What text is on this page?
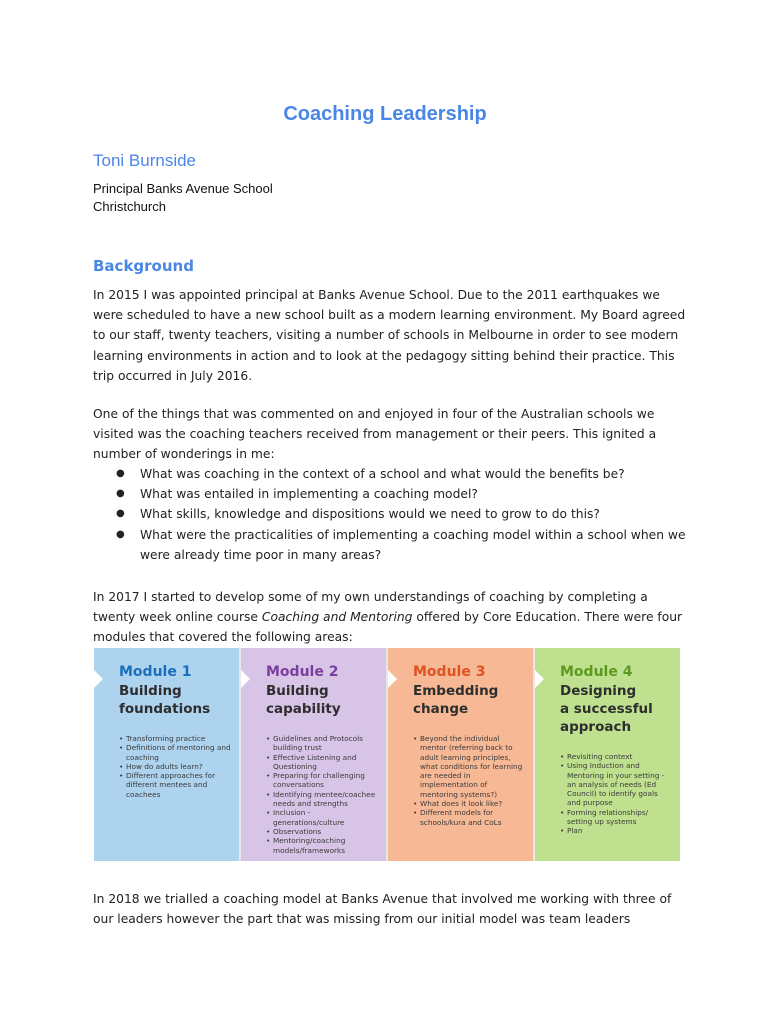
Coaching Leadership
Toni Burnside
Principal Banks Avenue School
Christchurch
Background

In 2015 I was appointed principal at Banks Avenue School. Due to the 2011 earthquakes we were scheduled to have a new school built as a modern learning environment. My Board agreed to our staff, twenty teachers, visiting a number of schools in Melbourne in order to see modern learning environments in action and to look at the pedagogy sitting behind their practice. This trip occurred in July 2016.

One of the things that was commented on and enjoyed in four of the Australian schools we visited was the coaching teachers received from management or their peers. This ignited a number of wonderings in me:

● What was coaching in the context of a school and what would the benefits be?
● What was entailed in implementing a coaching model?
● What skills, knowledge and dispositions would we need to grow to do this?
● What were the practicalities of implementing a coaching model within a school when we were already time poor in many areas?

In 2017 I started to develop some of my own understandings of coaching by completing a twenty week online course Coaching and Mentoring offered by Core Education. There were four modules that covered the following areas:

Module 1
Building
foundations
• Transforming practice
• Definitions of mentoring and coaching
• How do adults learn?
• Different approaches for different mentees and coachees
Module 2
Building
capability
• Guidelines and Protocols building trust
• Effective Listening and Questioning
• Preparing for challenging conversations
• Identifying mentee/coachee needs and strengths
• Inclusion - generations/culture
• Observations
• Mentoring/coaching models/frameworks
Module 3
Embedding
change
• Beyond the individual mentor (referring back to adult learning principles, what conditions for learning are needed in implementation of mentoring systems?)
• What does it look like?
• Different models for schools/kura and CoLs
Module 4
Designing
a successful
approach
• Revisiting context
• Using Induction and Mentoring in your setting - an analysis of needs (Ed Council) to identify goals and purpose
• Forming relationships/ setting up systems
• Plan

In 2018 we trialled a coaching model at Banks Avenue that involved me working with three of our leaders however the part that was missing from our initial model was team leaders
